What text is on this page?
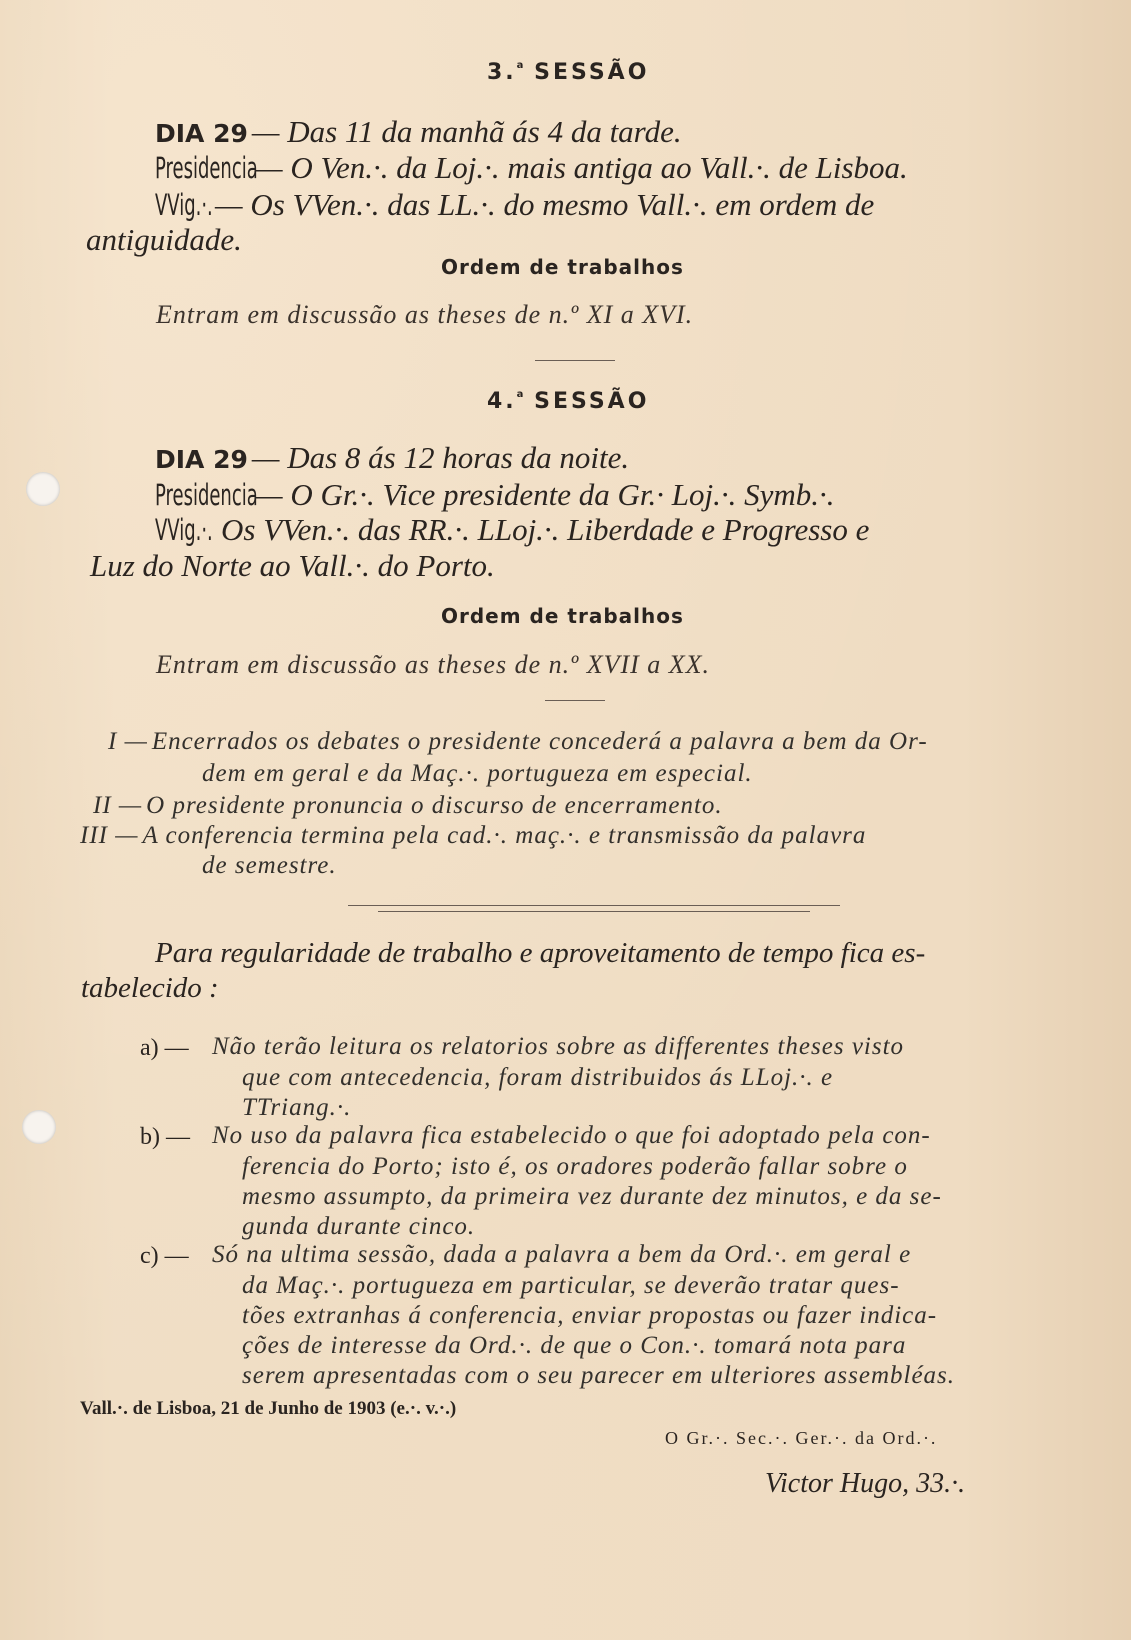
3.$^a$ SESSÃO
DIA 29 — Das 11 da manhã ás 4 da tarde.
Presidencia— O Ven.·. da Loj.·. mais antiga ao Vall.·. de Lisboa.
VVig.·.— Os VVen.·. das LL.·. do mesmo Vall.·. em ordem de
antiguidade.
Ordem de trabalhos
Entram em discussão as theses de n.º XI a XVI.
4.$^a$ SESSÃO
DIA 29 — Das 8 ás 12 horas da noite.
Presidencia— O Gr.·. Vice presidente da Gr.· Loj.·. Symb.·.
VVig.·. Os VVen.·. das RR.·. LLoj.·. Liberdade e Progresso e
Luz do Norte ao Vall.·. do Porto.
Ordem de trabalhos
Entram em discussão as theses de n.º XVII a XX.
I — Encerrados os debates o presidente concederá a palavra a bem da Or-
dem em geral e da Maç.·. portugueza em especial.
II — O presidente pronuncia o discurso de encerramento.
III — A conferencia termina pela cad.·. maç.·. e transmissão da palavra
de semestre.
Para regularidade de trabalho e aproveitamento de tempo fica es-
tabelecido :
a) — Não terão leitura os relatorios sobre as differentes theses visto
que com antecedencia, foram distribuidos ás LLoj.·. e
TTriang.·.
b) — No uso da palavra fica estabelecido o que foi adoptado pela con-
ferencia do Porto; isto é, os oradores poderão fallar sobre o
mesmo assumpto, da primeira vez durante dez minutos, e da se-
gunda durante cinco.
c) — Só na ultima sessão, dada a palavra a bem da Ord.·. em geral e
da Maç.·. portugueza em particular, se deverão tratar ques-
tões extranhas á conferencia, enviar propostas ou fazer indica-
ções de interesse da Ord.·. de que o Con.·. tomará nota para
serem apresentadas com o seu parecer em ulteriores assembléas.
Vall.·. de Lisboa, 21 de Junho de 1903 (e.·. v.·.)
O Gr.·. Sec.·. Ger.·. da Ord.·.
Victor Hugo, 33.·.
